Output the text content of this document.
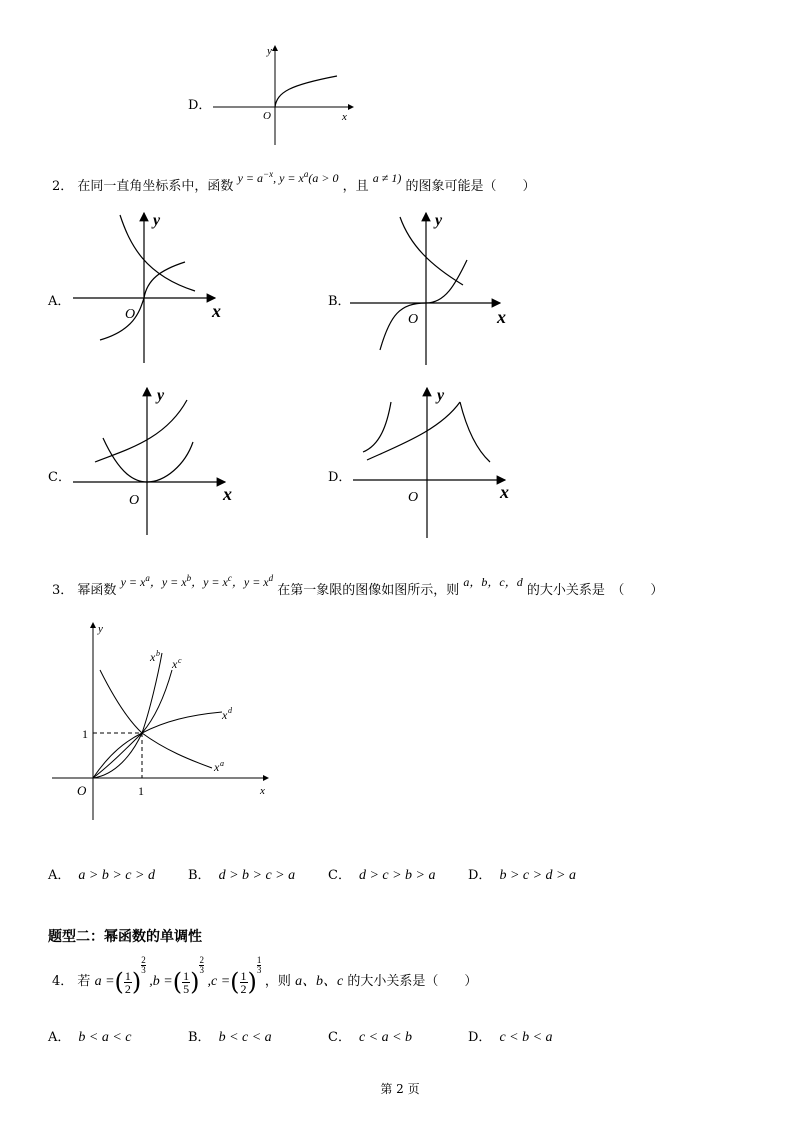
D．
y
x
O
2． 在同一直角坐标系中，函数 $y = a^{-x}$, $y = x^a(a > 0$ ，且 a ≠ 1) 的图象可能是（　　）
A．
y
x
O
B．
y
x
O
C．
y
x
O
D．
y
x
O
3． 幂函数 $y = x^a$，$y = x^b$，$y = x^c$，$y = x^d$ 在第一象限的图像如图所示，则 a，b，c，d 的大小关系是　（　　）
y
x
O	1
1
x b
x c
x d
x a
A． a > b > c > d	B． d > b > c > a	C． d > c > b > a D． b > c > d > a
题型二：幂函数的单调性
4． 若 a =( $\frac{1}{2}$ )
$\frac{2}{3}$
,b =( $\frac{1}{5}$ )
$\frac{2}{3}$
,c =( $\frac{1}{2}$ )
$\frac{1}{3}$
，则 a、b、c 的大小关系是（　　）
A． b < a < c	B． b < c < a	C． c < a < b	D． c < b < a
第 2 页
